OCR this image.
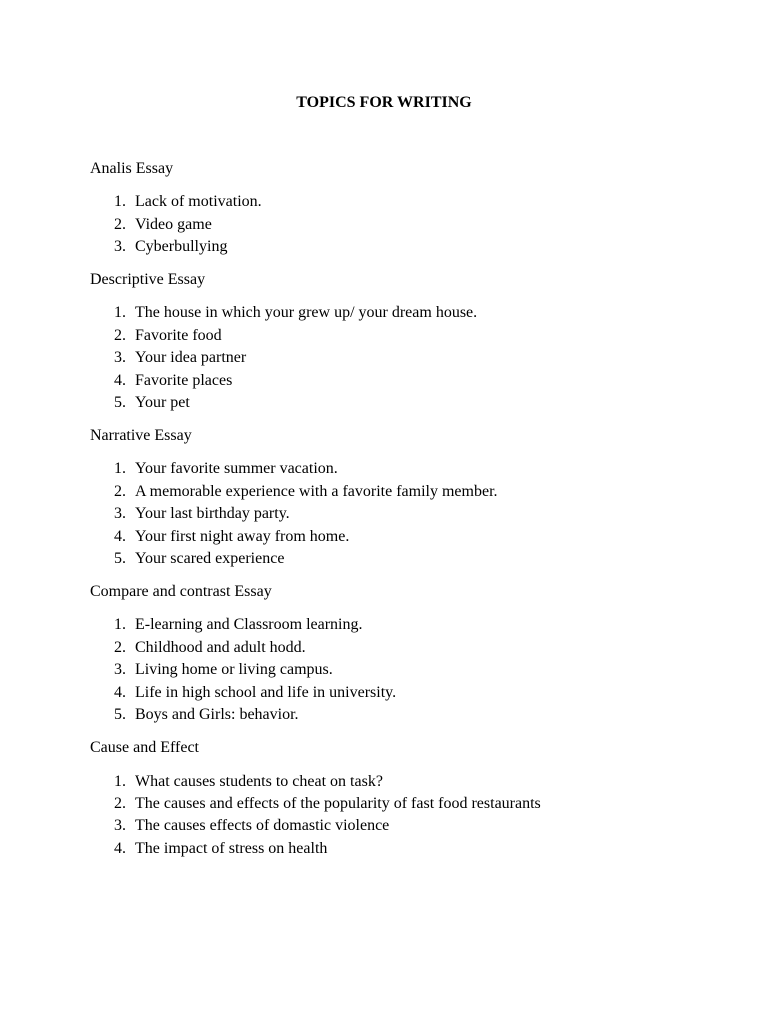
TOPICS FOR WRITING

Analis Essay

1. Lack of motivation.
2. Video game
3. Cyberbullying

Descriptive Essay

1. The house in which your grew up/ your dream house.
2. Favorite food
3. Your idea partner
4. Favorite places
5. Your pet

Narrative Essay

1. Your favorite summer vacation.
2. A memorable experience with a favorite family member.
3. Your last birthday party.
4. Your first night away from home.
5. Your scared experience

Compare and contrast Essay

1. E-learning and Classroom learning.
2. Childhood and adult hodd.
3. Living home or living campus.
4. Life in high school and life in university.
5. Boys and Girls: behavior.

Cause and Effect

1. What causes students to cheat on task?
2. The causes and effects of the popularity of fast food restaurants
3. The causes effects of domastic violence
4. The impact of stress on health
